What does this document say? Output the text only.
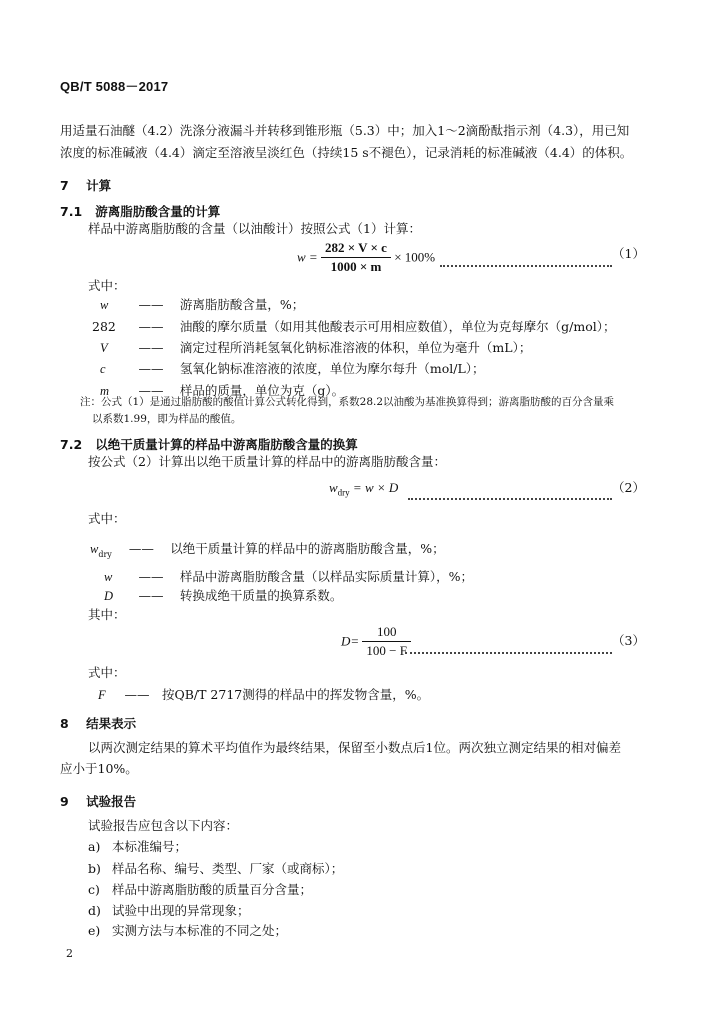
QB/T 5088－2017
用适量石油醚（4.2）洗涤分液漏斗并转移到锥形瓶（5.3）中；加入1～2滴酚酞指示剂（4.3），用已知
浓度的标准碱液（4.4）滴定至溶液呈淡红色（持续15 s不褪色），记录消耗的标准碱液（4.4）的体积。
7 计算
7.1 游离脂肪酸含量的计算
样品中游离脂肪酸的含量（以油酸计）按照公式（1）计算：
$w = \frac{282 \times V \times c}{1000 \times m} \times 100\%$	（1）
式中：
w —— 游离脂肪酸含量，%；
282 —— 油酸的摩尔质量（如用其他酸表示可用相应数值），单位为克每摩尔（g/mol）；
V —— 滴定过程所消耗氢氧化钠标准溶液的体积，单位为毫升（mL）；
c	—— 氢氧化钠标准溶液的浓度，单位为摩尔每升（mol/L）；
m —— 样品的质量，单位为克（g）。
注：公式（1）是通过脂肪酸的酸值计算公式转化得到，系数28.2以油酸为基准换算得到；游离脂肪酸的百分含量乘
以系数1.99，即为样品的酸值。
7.2 以绝干质量计算的样品中游离脂肪酸含量的换算
按公式（2）计算出以绝干质量计算的样品中的游离脂肪酸含量：
$w_{dry} = w \times D$	（2）
式中：
$w_{dry}$ —— 以绝干质量计算的样品中的游离脂肪酸含量，%；
w —— 样品中游离脂肪酸含量（以样品实际质量计算），%；
D —— 转换成绝干质量的换算系数。
其中：
$D= \frac{100}{100 - F}$	（3）
式中：
F —— 按QB/T 2717测得的样品中的挥发物含量，%。
8 结果表示
以两次测定结果的算术平均值作为最终结果，保留至小数点后1位。两次独立测定结果的相对偏差
应小于10%。
9 试验报告
试验报告应包含以下内容：
a) 本标准编号；
b) 样品名称、编号、类型、厂家（或商标）；
c) 样品中游离脂肪酸的质量百分含量；
d) 试验中出现的异常现象；
e) 实测方法与本标准的不同之处；
2
